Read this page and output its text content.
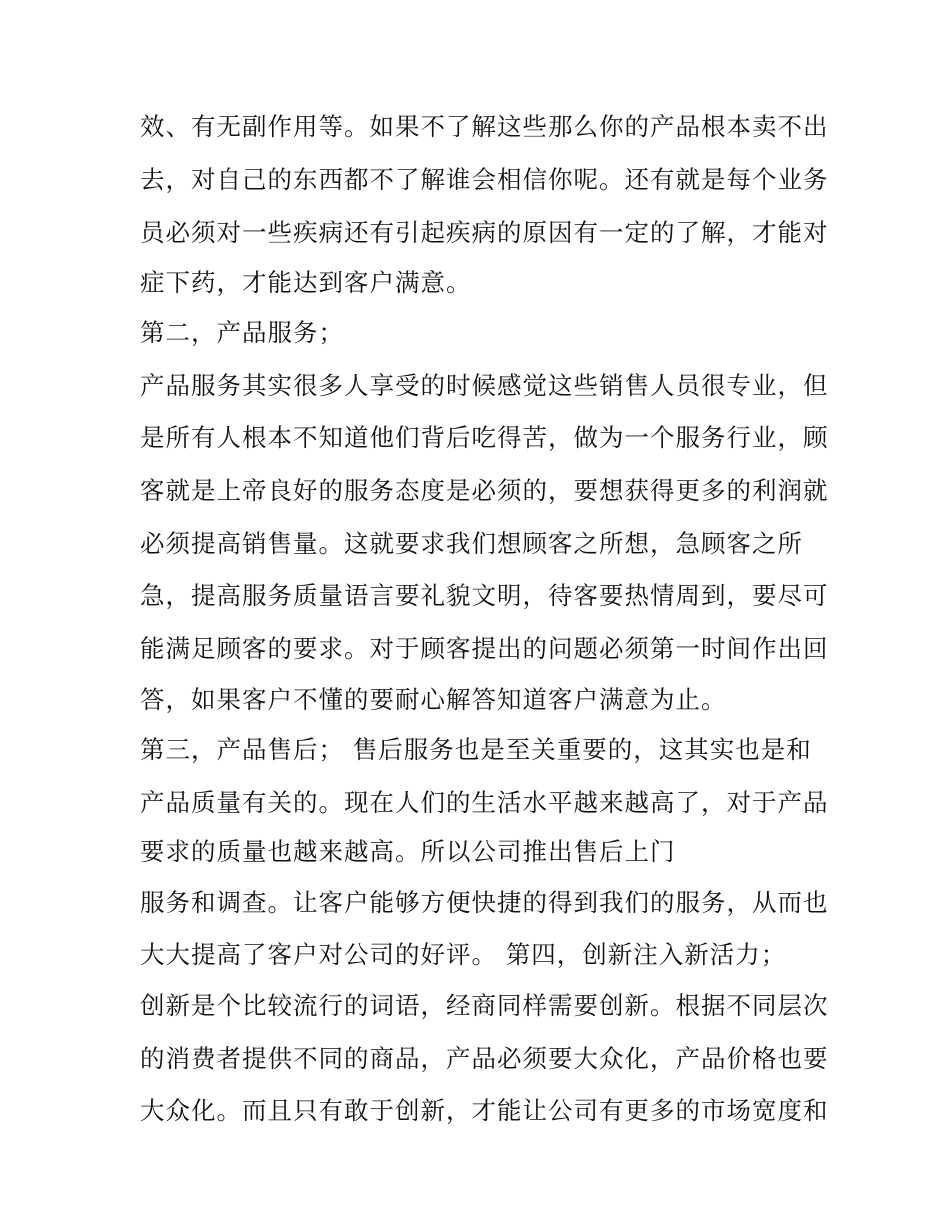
效、有无副作用等。如果不了解这些那么你的产品根本卖不出
去，对自己的东西都不了解谁会相信你呢。还有就是每个业务
员必须对一些疾病还有引起疾病的原因有一定的了解，才能对
症下药，才能达到客户满意。
第二，产品服务；
产品服务其实很多人享受的时候感觉这些销售人员很专业，但
是所有人根本不知道他们背后吃得苦，做为一个服务行业，顾
客就是上帝良好的服务态度是必须的，要想获得更多的利润就
必须提高销售量。这就要求我们想顾客之所想，急顾客之所
急，提高服务质量语言要礼貌文明，待客要热情周到，要尽可
能满足顾客的要求。对于顾客提出的问题必须第一时间作出回
答，如果客户不懂的要耐心解答知道客户满意为止。
第三，产品售后； 售后服务也是至关重要的，这其实也是和
产品质量有关的。现在人们的生活水平越来越高了，对于产品
要求的质量也越来越高。所以公司推出售后上门
服务和调查。让客户能够方便快捷的得到我们的服务，从而也
大大提高了客户对公司的好评。 第四，创新注入新活力；
创新是个比较流行的词语，经商同样需要创新。根据不同层次
的消费者提供不同的商品，产品必须要大众化，产品价格也要
大众化。而且只有敢于创新，才能让公司有更多的市场宽度和
